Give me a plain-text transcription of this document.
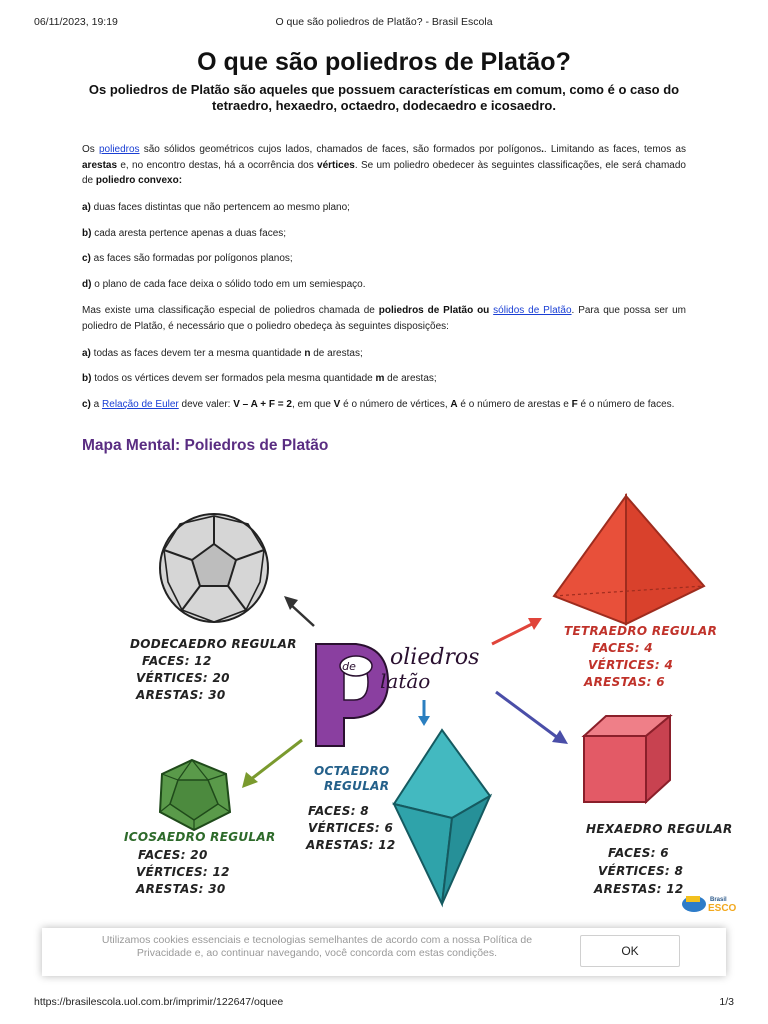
06/11/2023, 19:19	O que são poliedros de Platão? - Brasil Escola
O que são poliedros de Platão?
Os poliedros de Platão são aqueles que possuem características em comum, como é o caso do tetraedro, hexaedro, octaedro, dodecaedro e icosaedro.

Os poliedros são sólidos geométricos cujos lados, chamados de faces, são formados por polígonos.. Limitando as faces, temos as arestas e, no encontro destas, há a ocorrência dos vértices. Se um poliedro obedecer às seguintes classificações, ele será chamado de poliedro convexo:

a) duas faces distintas que não pertencem ao mesmo plano;

b) cada aresta pertence apenas a duas faces;

c) as faces são formadas por polígonos planos;

d) o plano de cada face deixa o sólido todo em um semiespaço.

Mas existe uma classificação especial de poliedros chamada de poliedros de Platão ou sólidos de Platão. Para que possa ser um poliedro de Platão, é necessário que o poliedro obedeça às seguintes disposições:

a) todas as faces devem ter a mesma quantidade n de arestas;

b) todos os vértices devem ser formados pela mesma quantidade m de arestas;

c) a Relação de Euler deve valer: V – A + F = 2, em que V é o número de vértices, A é o número de arestas e F é o número de faces.

Mapa Mental: Poliedros de Platão
de oliedros
latão
Brasil
ESCO
DODECAEDRO REGULAR
FACES: 12
VÉRTICES: 20
ARESTAS: 30
TETRAEDRO REGULAR
FACES: 4
VÉRTICES: 4
ARESTAS: 6
OCTAEDRO
REGULAR
FACES: 8
VÉRTICES: 6
ARESTAS: 12
ICOSAEDRO REGULAR
FACES: 20
VÉRTICES: 12
ARESTAS: 30
HEXAEDRO REGULAR
FACES: 6
VÉRTICES: 8
ARESTAS: 12
Utilizamos cookies essenciais e tecnologias semelhantes de acordo com a nossa Política de Privacidade e, ao continuar navegando, você concorda com estas condições.	OK
https://brasilescola.uol.com.br/imprimir/122647/oquee	1/3
